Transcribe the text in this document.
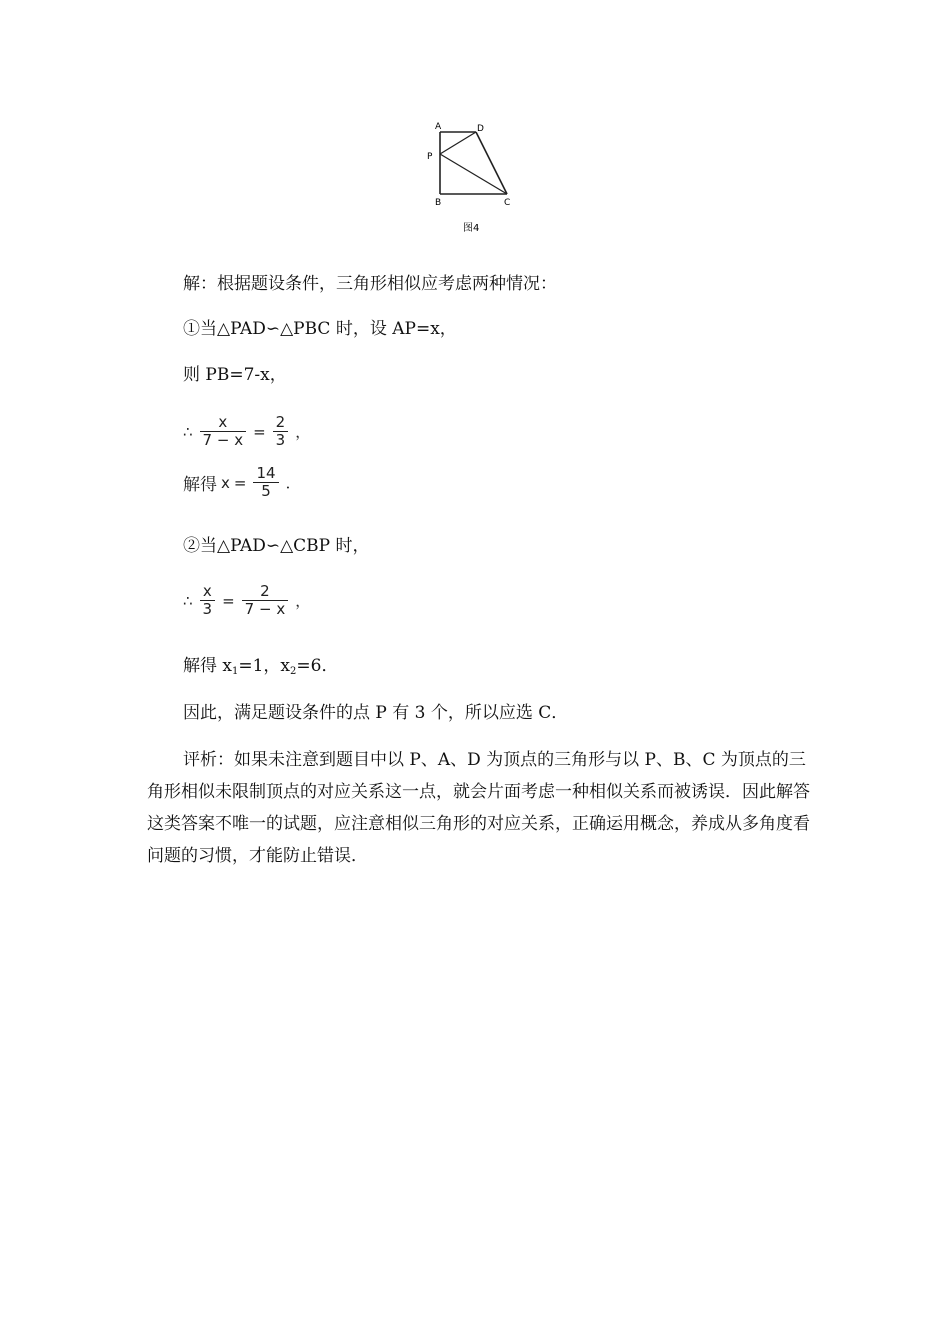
A	D
P
B	C
图4
解：根据题设条件，三角形相似应考虑两种情况：
①当△PAD∽△PBC 时，设 AP=x，
则 PB=7-x，
∴ $\frac{x}{7 - x} = \frac{2}{3}$ ，
解得 $x = \frac{14}{5}$ ．
②当△PAD∽△CBP 时，
∴ $\frac{x}{3} = \frac{2}{7 - x}$ ，
解得 $x_1=1$，$x_2=6$．
因此，满足题设条件的点 P 有 3 个，所以应选 C．
评析：如果未注意到题目中以 P、A、D 为顶点的三角形与以 P、B、C 为顶点的三角形相似未限制顶点的对应关系这一点，就会片面考虑一种相似关系而被诱误．因此解答这类答案不唯一的试题，应注意相似三角形的对应关系，正确运用概念，养成从多角度看问题的习惯，才能防止错误．
